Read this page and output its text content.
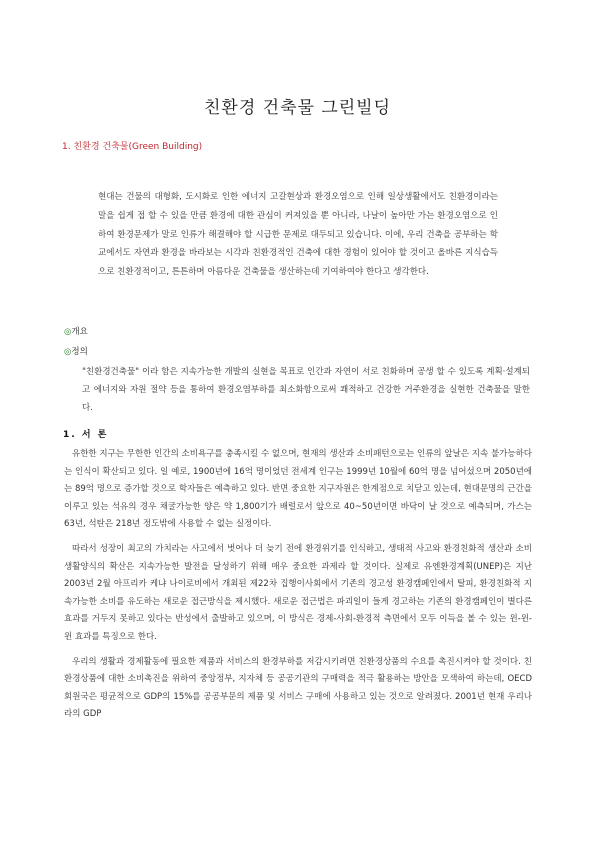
친환경 건축물 그린빌딩
1. 친환경 건축물(Green Building)

현대는 건물의 대형화, 도시화로 인한 에너지 고갈현상과 환경오염으로 인해 일상생활에서도 친환경이라는 말을 쉽게 접 할 수 있을 만큼 환경에 대한 관심이 커져있을 뿐 아니라, 나날이 높아만 가는 환경오염으로 인하여 환경문제가 말로 인류가 해결해야 할 시급한 문제로 대두되고 있습니다. 이에, 우리 건축을 공부하는 학교에서도 자연과 환경을 바라보는 시각과 친환경적인 건축에 대한 경험이 있어야 할 것이고 올바른 지식습득으로 친환경적이고, 튼튼하며 아름다운 건축물을 생산하는데 기여하여야 한다고 생각한다.

◎개요
◎정의

"친환경건축물" 이라 함은 지속가능한 개발의 실현을 목표로 인간과 자연이 서로 친화하며 공생 할 수 있도록 계획·설계되고 에너지와 자원 절약 등을 통하여 환경오염부하를 최소화함으로써 쾌적하고 건강한 거주환경을 실현한 건축물을 말한다.

1. 서 론

유한한 지구는 무한한 인간의 소비욕구를 충족시킬 수 없으며, 현재의 생산과 소비패턴으로는 인류의 앞날은 지속 불가능하다는 인식이 확산되고 있다. 일 예로, 1900년에 16억 명이었던 전세계 인구는 1999년 10월에 60억 명을 넘어섰으며 2050년에는 89억 명으로 증가할 것으로 학자들은 예측하고 있다. 반면 중요한 지구자원은 한계점으로 치닫고 있는데, 현대문명의 근간을 이루고 있는 석유의 경우 채굴가능한 양은 약 1,800기가 배럴로서 앞으로 40~50년이면 바닥이 날 것으로 예측되며, 가스는 63년, 석탄은 218년 정도밖에 사용할 수 없는 실정이다.

따라서 성장이 최고의 가치라는 사고에서 벗어나 더 늦기 전에 환경위기를 인식하고, 생태적 사고와 환경친화적 생산과 소비생활양식의 확산은 지속가능한 발전을 달성하기 위해 매우 중요한 과제라 할 것이다. 실제로 유엔환경계획(UNEP)은 지난 2003년 2월 아프리카 케냐 나이로비에서 개최된 제22차 집행이사회에서 기존의 경고성 환경캠페인에서 탈피, 환경친화적 지속가능한 소비를 유도하는 새로운 접근방식을 제시했다. 새로운 접근법은 파괴일이 들게 경고하는 기존의 환경캠페인이 별다른 효과를 거두지 못하고 있다는 반성에서 출발하고 있으며, 이 방식은 경제-사회-환경적 측면에서 모두 이득을 볼 수 있는 윈-윈-윈 효과를 특징으로 한다.

우리의 생활과 경제활동에 필요한 제품과 서비스의 환경부하를 저감시키려면 친환경상품의 수요를 촉진시켜야 할 것이다. 친환경상품에 대한 소비촉진을 위하여 중앙정부, 지자체 등 공공기관의 구매력을 적극 활용하는 방안을 모색하여 하는데, OECD 회원국은 평균적으로 GDP의 15%를 공공부문의 제품 및 서비스 구매에 사용하고 있는 것으로 알려졌다. 2001년 현재 우리나라의 GDP
